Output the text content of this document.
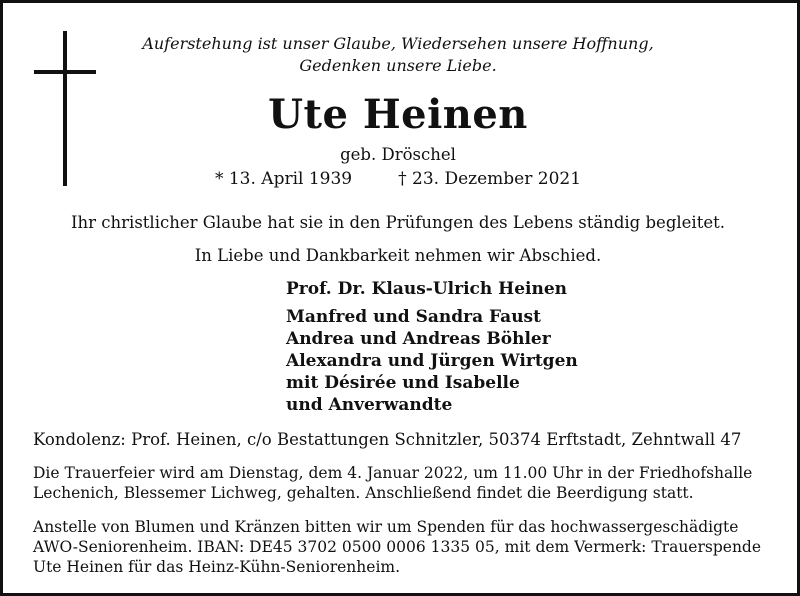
Auferstehung ist unser Glaube, Wiedersehen unsere Hoffnung,
Gedenken unsere Liebe.
Ute Heinen
geb. Dröschel
* 13. April 1939	† 23. Dezember 2021
Ihr christlicher Glaube hat sie in den Prüfungen des Lebens ständig begleitet.
In Liebe und Dankbarkeit nehmen wir Abschied.
Prof. Dr. Klaus-Ulrich Heinen
Manfred und Sandra Faust
Andrea und Andreas Böhler
Alexandra und Jürgen Wirtgen
mit Désirée und Isabelle
und Anverwandte
Kondolenz: Prof. Heinen, c/o Bestattungen Schnitzler, 50374 Erftstadt, Zehntwall 47
Die Trauerfeier wird am Dienstag, dem 4. Januar 2022, um 11.00 Uhr in der Friedhofshalle
Lechenich, Blessemer Lichweg, gehalten. Anschließend findet die Beerdigung statt.
Anstelle von Blumen und Kränzen bitten wir um Spenden für das hochwassergeschädigte
AWO-Seniorenheim. IBAN: DE45 3702 0500 0006 1335 05, mit dem Vermerk: Trauerspende
Ute Heinen für das Heinz-Kühn-Seniorenheim.
